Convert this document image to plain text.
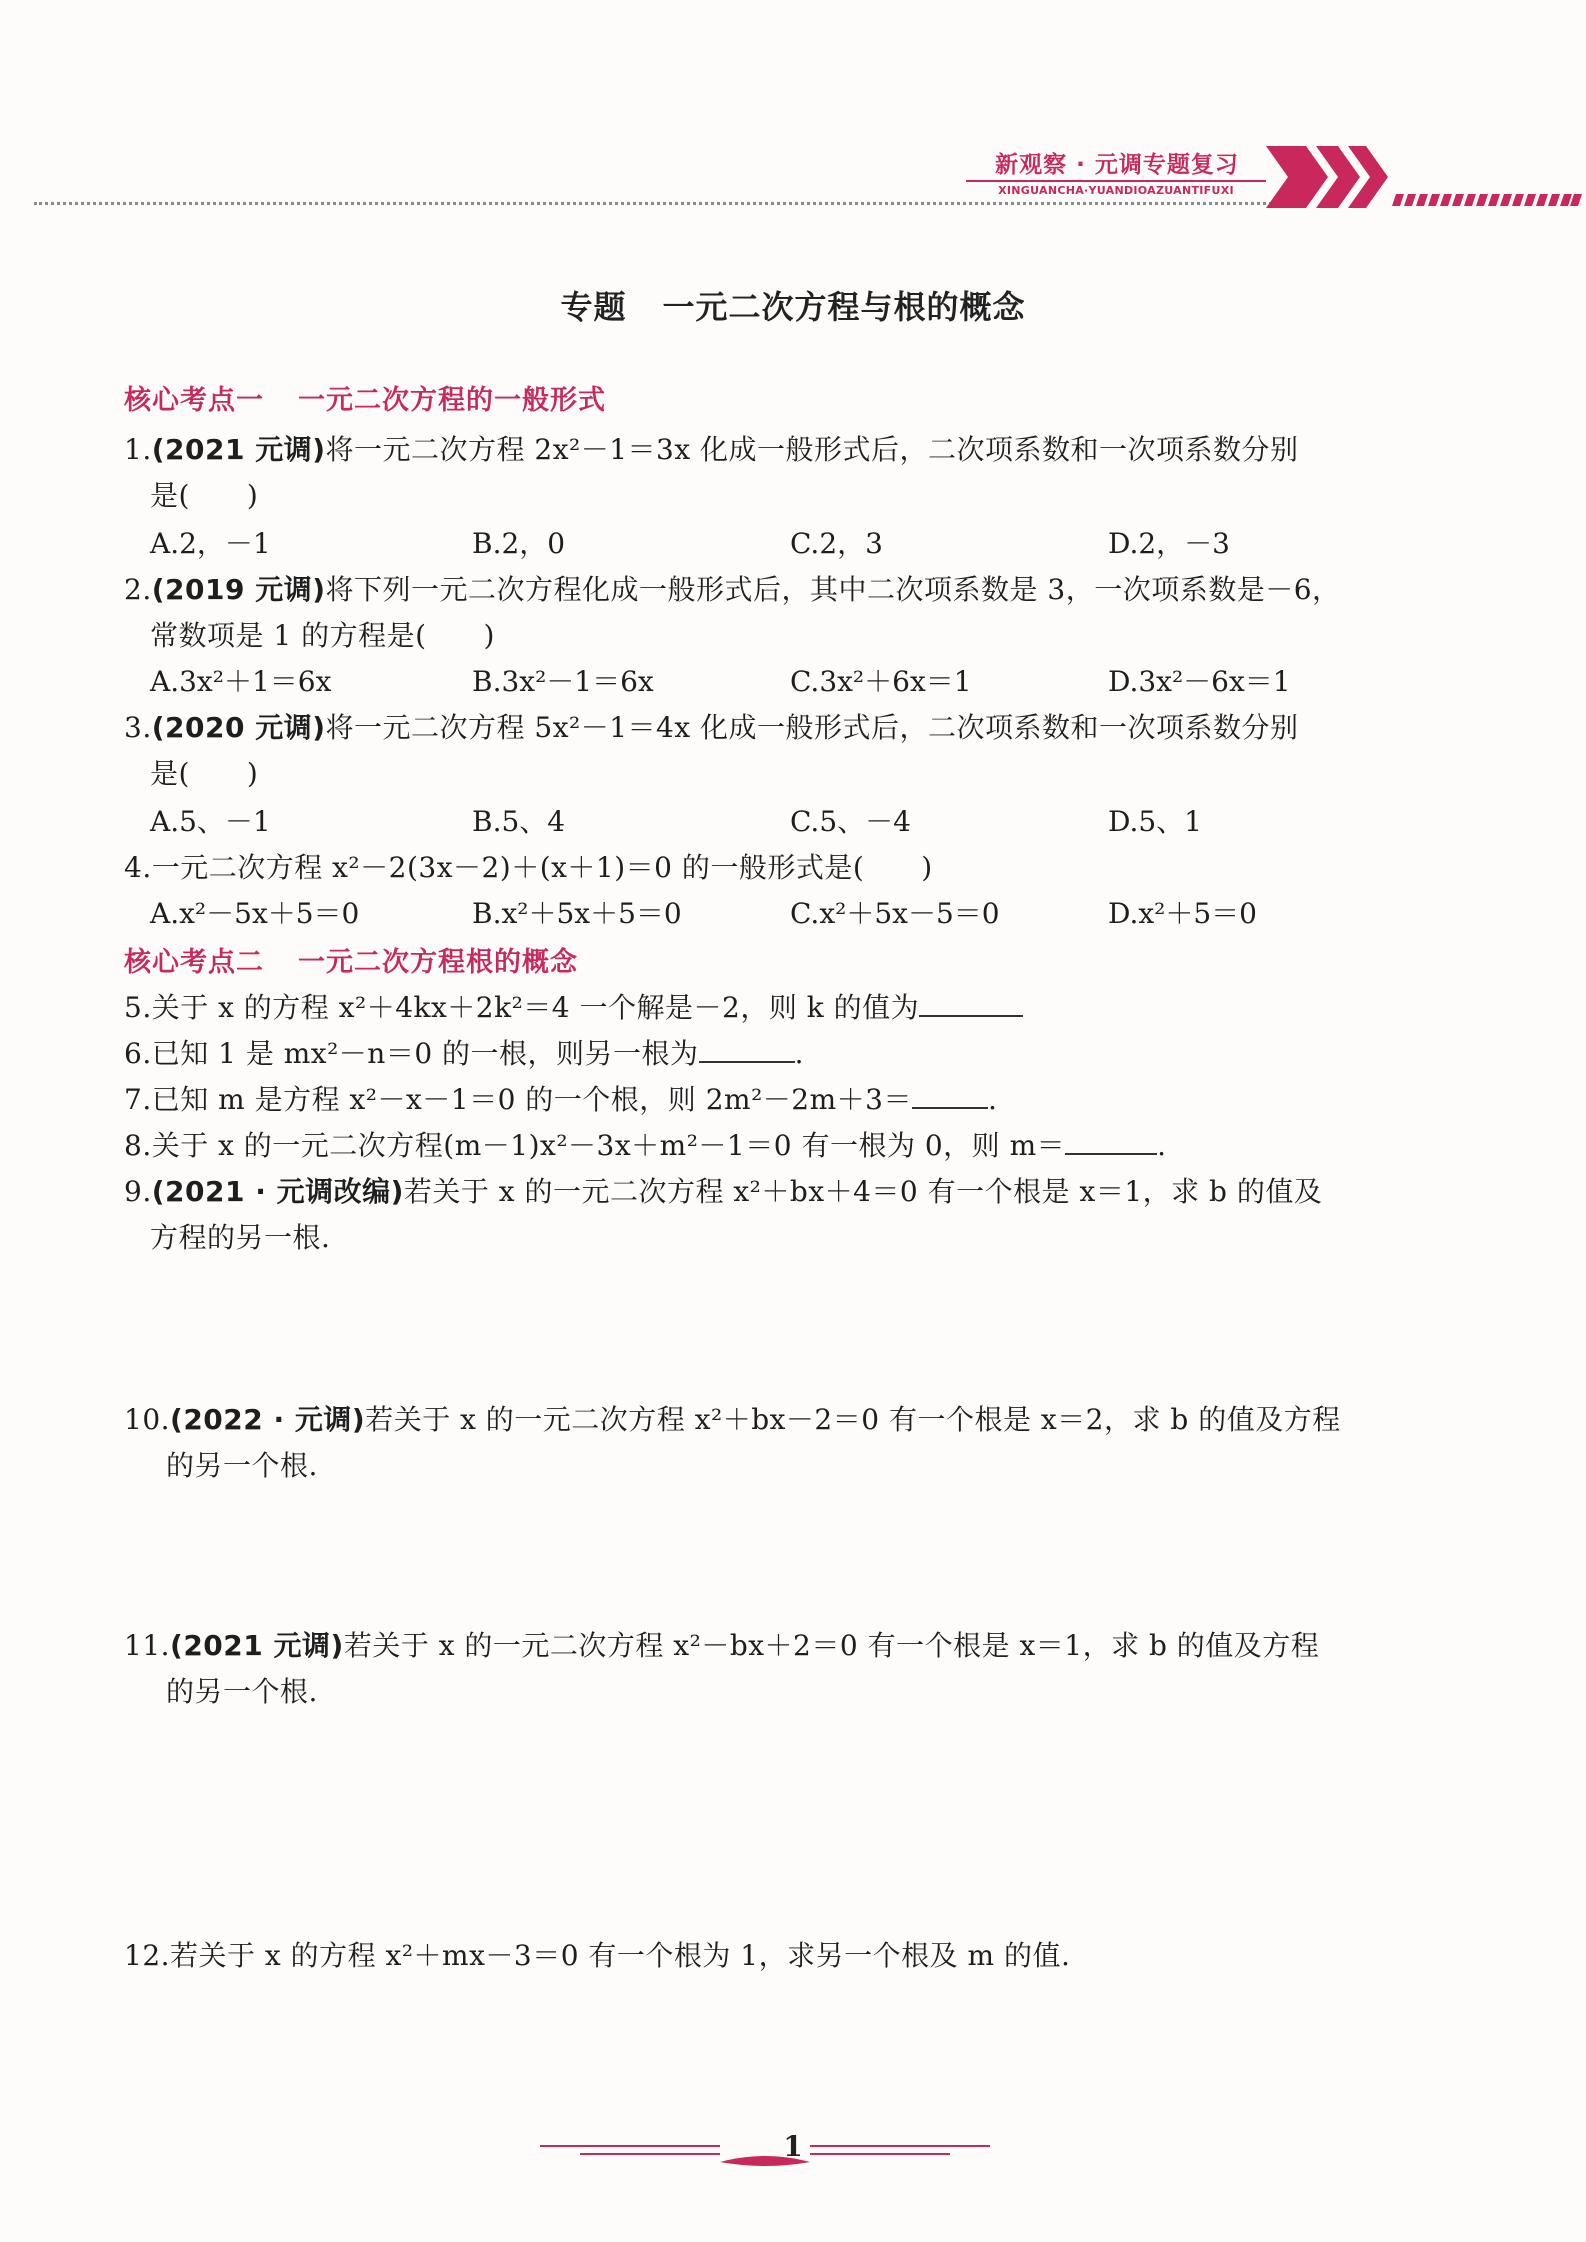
新观察 · 元调专题复习
XINGUANCHA·YUANDIOAZUANTIFUXI
专题 一元二次方程与根的概念
核心考点一 一元二次方程的一般形式
1.(2021 元调)将一元二次方程 2x²－1＝3x 化成一般形式后，二次项系数和一次项系数分别
是(　　)
A.2，－1	B.2，0	C.2，3	D.2，－3
2.(2019 元调)将下列一元二次方程化成一般形式后，其中二次项系数是 3，一次项系数是－6，
常数项是 1 的方程是(　　)
A.3x²＋1＝6x	B.3x²－1＝6x	C.3x²＋6x＝1	D.3x²－6x＝1
3.(2020 元调)将一元二次方程 5x²－1＝4x 化成一般形式后，二次项系数和一次项系数分别
是(　　)
A.5、－1	B.5、4	C.5、－4	D.5、1
4.一元二次方程 x²－2(3x－2)＋(x＋1)＝0 的一般形式是(　　)
A.x²－5x＋5＝0	B.x²＋5x＋5＝0	C.x²＋5x－5＝0	D.x²＋5＝0
核心考点二 一元二次方程根的概念
5.关于 x 的方程 x²＋4kx＋2k²＝4 一个解是－2，则 k 的值为
6.已知 1 是 mx²－n＝0 的一根，则另一根为	.
7.已知 m 是方程 x²－x－1＝0 的一个根，则 2m²－2m＋3＝	.
8.关于 x 的一元二次方程(m－1)x²－3x＋m²－1＝0 有一根为 0，则 m＝	.
9.(2021 · 元调改编)若关于 x 的一元二次方程 x²＋bx＋4＝0 有一个根是 x＝1，求 b 的值及
方程的另一根.
10.(2022 · 元调)若关于 x 的一元二次方程 x²＋bx－2＝0 有一个根是 x＝2，求 b 的值及方程
的另一个根.
11.(2021 元调)若关于 x 的一元二次方程 x²－bx＋2＝0 有一个根是 x＝1，求 b 的值及方程
的另一个根.
12.若关于 x 的方程 x²＋mx－3＝0 有一个根为 1，求另一个根及 m 的值.
1
